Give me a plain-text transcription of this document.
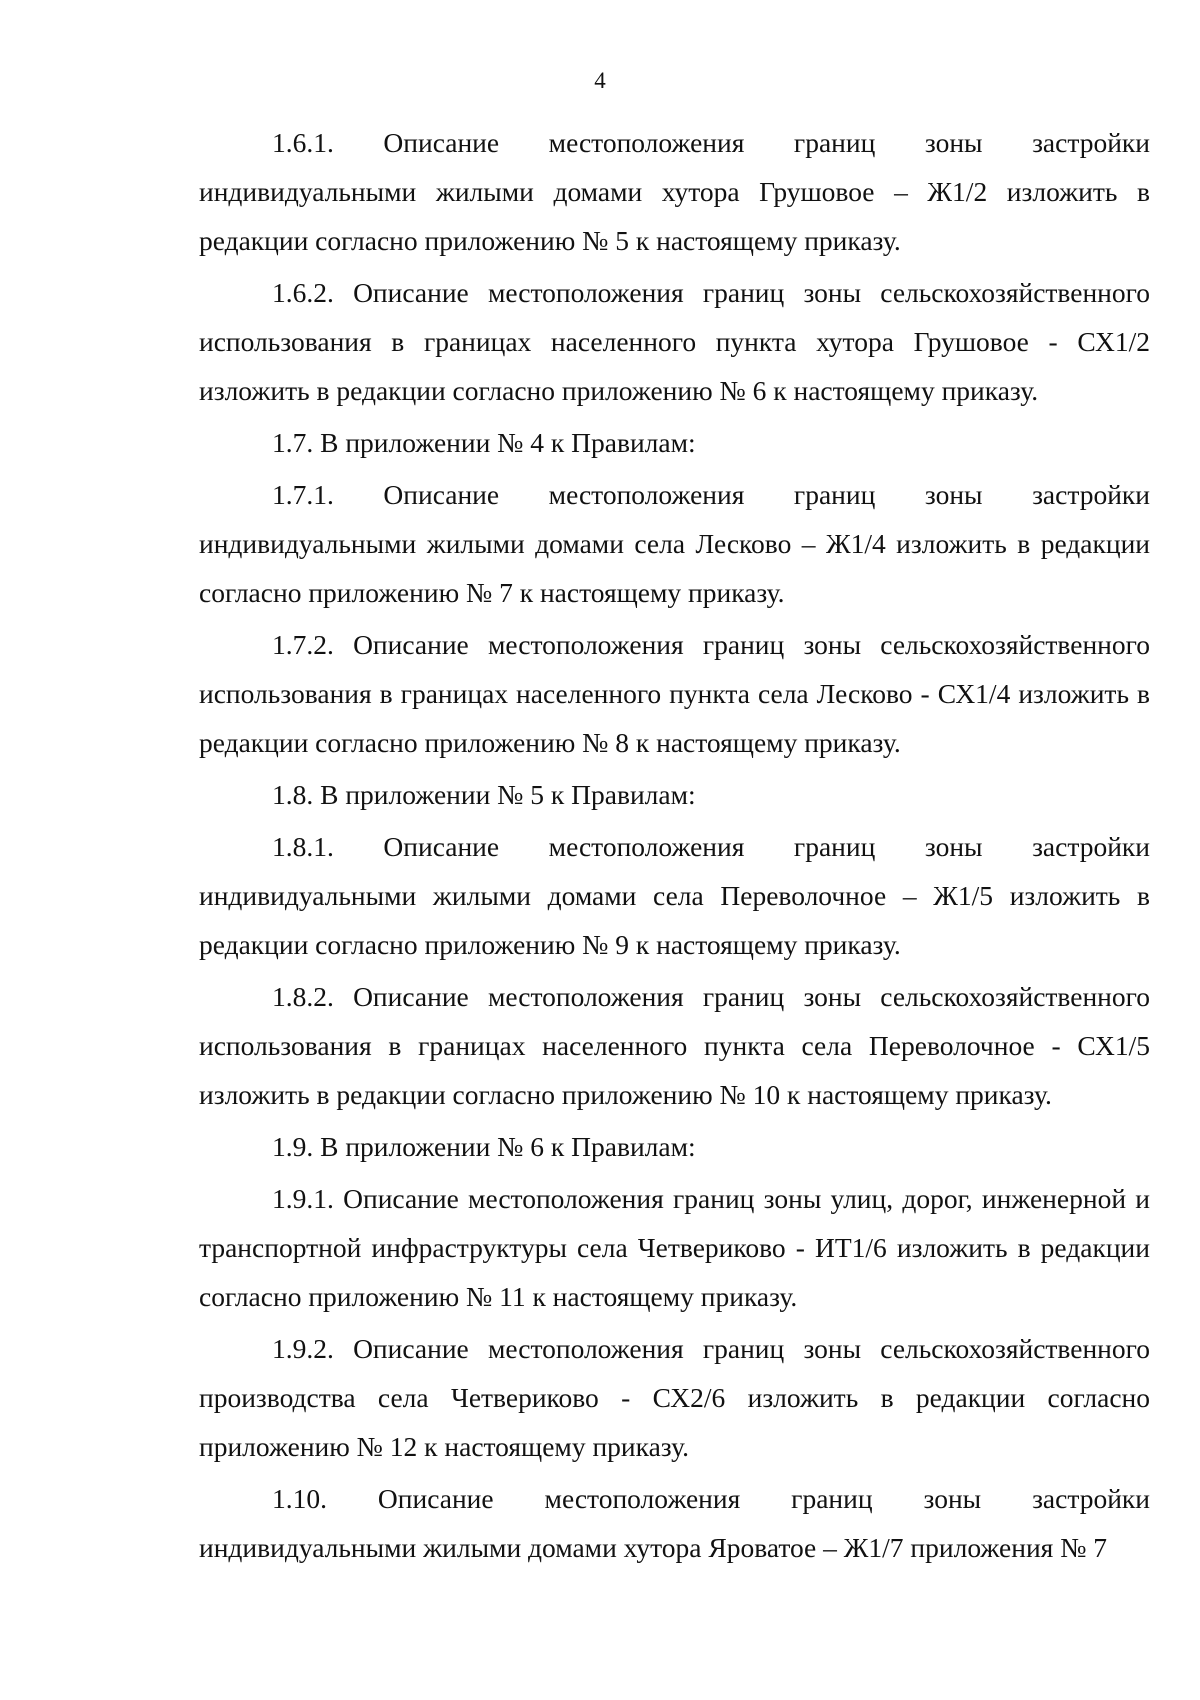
4

1.6.1. Описание местоположения границ зоны застройки индивидуальными жилыми домами хутора Грушовое – Ж1/2 изложить в редакции согласно приложению № 5 к настоящему приказу.

1.6.2. Описание местоположения границ зоны сельскохозяйственного использования в границах населенного пункта хутора Грушовое - СХ1/2 изложить в редакции согласно приложению № 6 к настоящему приказу.

1.7. В приложении № 4 к Правилам:

1.7.1. Описание местоположения границ зоны застройки индивидуальными жилыми домами села Лесково – Ж1/4 изложить в редакции согласно приложению № 7 к настоящему приказу.

1.7.2. Описание местоположения границ зоны сельскохозяйственного использования в границах населенного пункта села Лесково - СХ1/4 изложить в редакции согласно приложению № 8 к настоящему приказу.

1.8. В приложении № 5 к Правилам:

1.8.1. Описание местоположения границ зоны застройки индивидуальными жилыми домами села Переволочное – Ж1/5 изложить в редакции согласно приложению № 9 к настоящему приказу.

1.8.2. Описание местоположения границ зоны сельскохозяйственного использования в границах населенного пункта села Переволочное - СХ1/5 изложить в редакции согласно приложению № 10 к настоящему приказу.

1.9. В приложении № 6 к Правилам:

1.9.1. Описание местоположения границ зоны улиц, дорог, инженерной и транспортной инфраструктуры села Четвериково - ИТ1/6 изложить в редакции согласно приложению № 11 к настоящему приказу.

1.9.2. Описание местоположения границ зоны сельскохозяйственного производства села Четвериково - СХ2/6 изложить в редакции согласно приложению № 12 к настоящему приказу.

1.10. Описание местоположения границ зоны застройки индивидуальными жилыми домами хутора Яроватое – Ж1/7 приложения № 7
